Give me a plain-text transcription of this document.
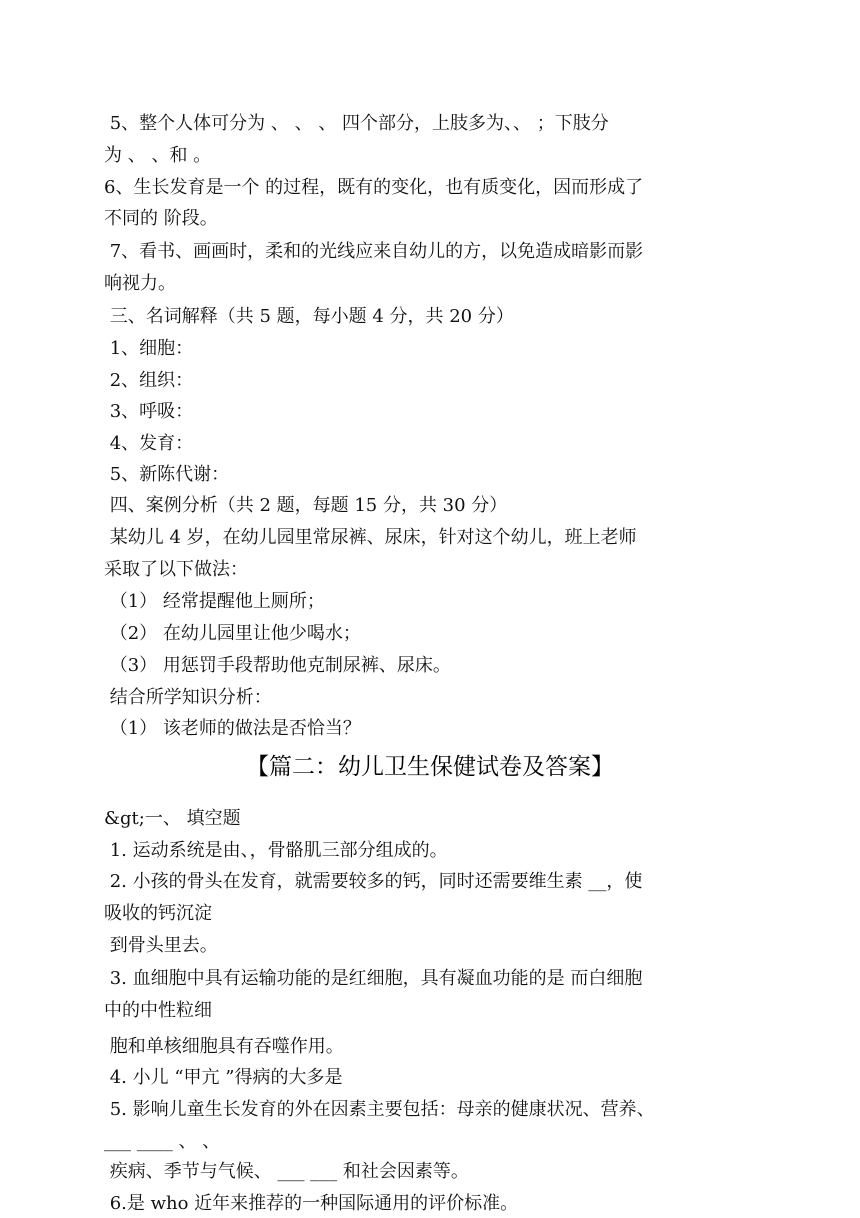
5、整个人体可分为 、 、 、 四个部分，上肢多为、、 ；下肢分
为 、 、和 。
6、生长发育是一个 的过程，既有的变化，也有质变化，因而形成了
不同的 阶段。
7、看书、画画时，柔和的光线应来自幼儿的方，以免造成暗影而影
响视力。
三、名词解释（共 5 题，每小题 4 分，共 20 分）
1、细胞：
2、组织：
3、呼吸：
4、发育：
5、新陈代谢：
四、案例分析（共 2 题，每题 15 分，共 30 分）
某幼儿 4 岁，在幼儿园里常尿裤、尿床，针对这个幼儿，班上老师
采取了以下做法：
（1） 经常提醒他上厕所；
（2） 在幼儿园里让他少喝水；
（3） 用惩罚手段帮助他克制尿裤、尿床。
结合所学知识分析：
（1） 该老师的做法是否恰当？
【篇二：幼儿卫生保健试卷及答案】
&gt;一、 填空题
1. 运动系统是由、，骨骼肌三部分组成的。
2. 小孩的骨头在发育，就需要较多的钙，同时还需要维生素 __，使
吸收的钙沉淀
到骨头里去。
3. 血细胞中具有运输功能的是红细胞，具有凝血功能的是 而白细胞
中的中性粒细
胞和单核细胞具有吞噬作用。
4. 小儿 “甲亢 ”得病的大多是
5. 影响儿童生长发育的外在因素主要包括：母亲的健康状况、营养、
___ ____ 、 、
疾病、季节与气候、 ___ ___ 和社会因素等。
6.是 who 近年来推荐的一种国际通用的评价标准。
